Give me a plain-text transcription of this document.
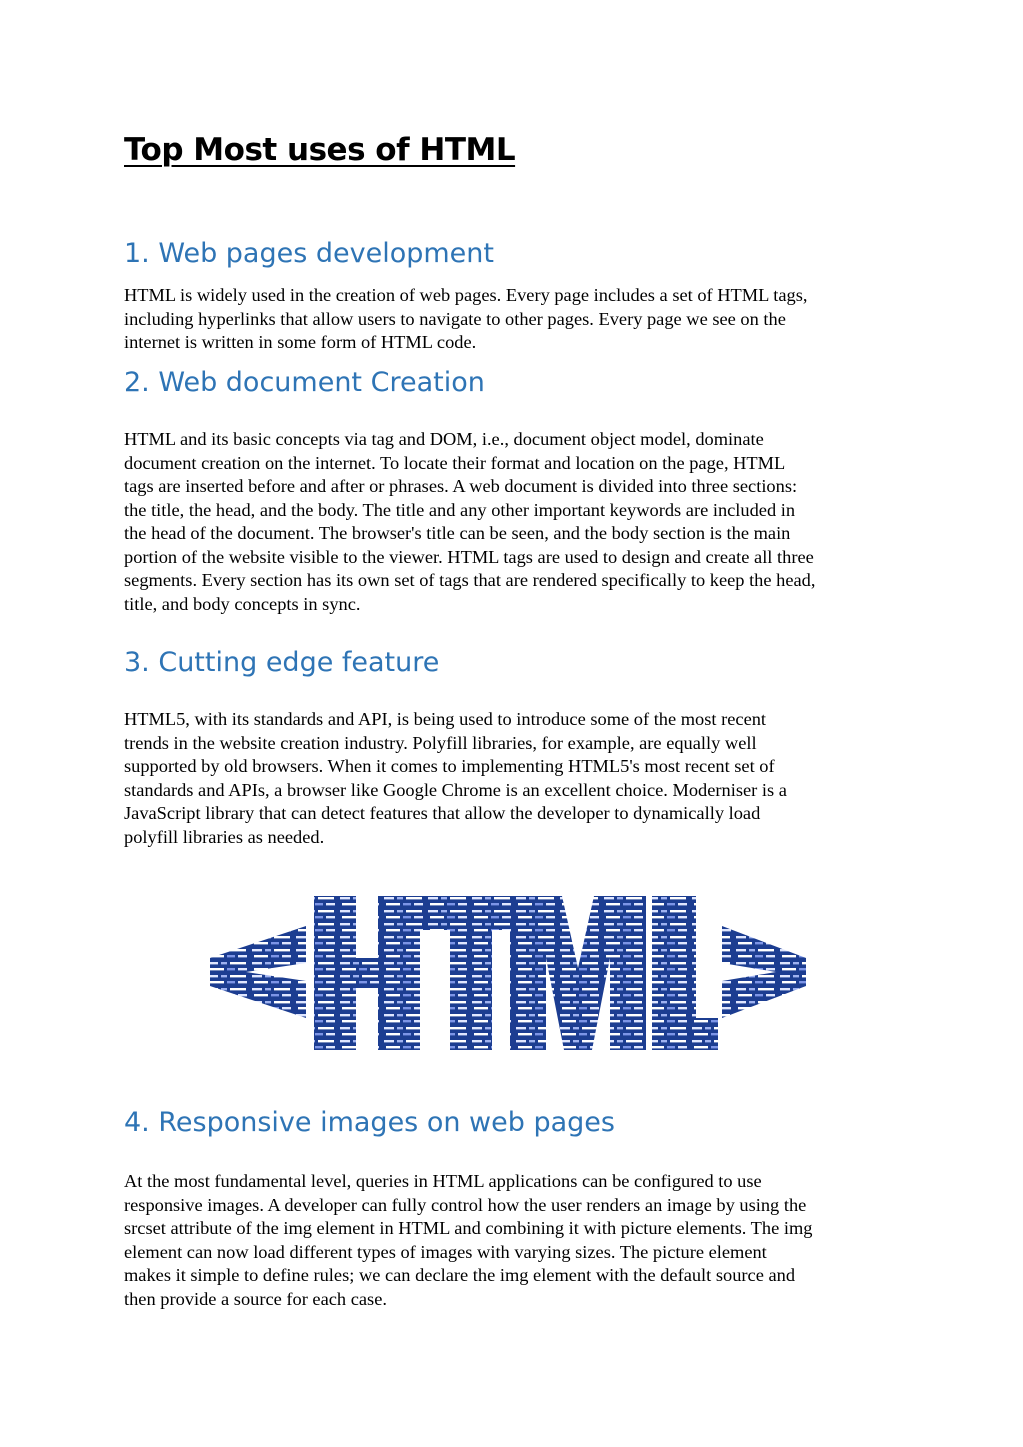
Top Most uses of HTML
1. Web pages development
HTML is widely used in the creation of web pages. Every page includes a set of HTML tags,
including hyperlinks that allow users to navigate to other pages. Every page we see on the
internet is written in some form of HTML code.
2. Web document Creation
HTML and its basic concepts via tag and DOM, i.e., document object model, dominate
document creation on the internet. To locate their format and location on the page, HTML
tags are inserted before and after or phrases. A web document is divided into three sections:
the title, the head, and the body. The title and any other important keywords are included in
the head of the document. The browser's title can be seen, and the body section is the main
portion of the website visible to the viewer. HTML tags are used to design and create all three
segments. Every section has its own set of tags that are rendered specifically to keep the head,
title, and body concepts in sync.
3. Cutting edge feature
HTML5, with its standards and API, is being used to introduce some of the most recent
trends in the website creation industry. Polyfill libraries, for example, are equally well
supported by old browsers. When it comes to implementing HTML5's most recent set of
standards and APIs, a browser like Google Chrome is an excellent choice. Moderniser is a
JavaScript library that can detect features that allow the developer to dynamically load
polyfill libraries as needed.
4. Responsive images on web pages
At the most fundamental level, queries in HTML applications can be configured to use
responsive images. A developer can fully control how the user renders an image by using the
srcset attribute of the img element in HTML and combining it with picture elements. The img
element can now load different types of images with varying sizes. The picture element
makes it simple to define rules; we can declare the img element with the default source and
then provide a source for each case.
